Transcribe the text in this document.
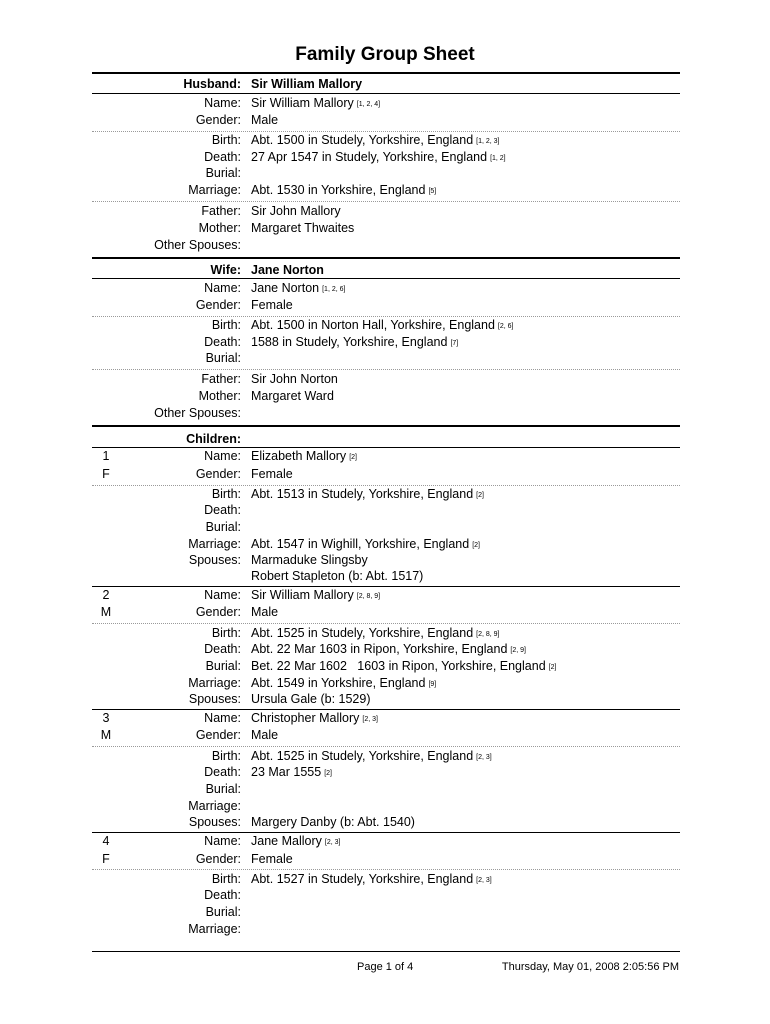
Family Group Sheet
Husband: Sir William Mallory
Name: Sir William Mallory [1, 2, 4]
Gender: Male
Birth: Abt. 1500 in Studely, Yorkshire, England [1, 2, 3]
Death: 27 Apr 1547 in Studely, Yorkshire, England [1, 2]
Burial:
Marriage: Abt. 1530 in Yorkshire, England [5]
Father: Sir John Mallory
Mother: Margaret Thwaites
Other Spouses:
Wife: Jane Norton
Name: Jane Norton [1, 2, 6]
Gender: Female
Birth: Abt. 1500 in Norton Hall, Yorkshire, England [2, 6]
Death: 1588 in Studely, Yorkshire, England [7]
Burial:
Father: Sir John Norton
Mother: Margaret Ward
Other Spouses:
Children:
1	Name: Elizabeth Mallory [2]
F	Gender: Female
Birth: Abt. 1513 in Studely, Yorkshire, England [2]
Death:
Burial:
Marriage: Abt. 1547 in Wighill, Yorkshire, England [2]
Spouses: Marmaduke Slingsby
Robert Stapleton (b: Abt. 1517)
2	Name: Sir William Mallory [2, 8, 9]
M	Gender: Male
Birth: Abt. 1525 in Studely, Yorkshire, England [2, 8, 9]
Death: Abt. 22 Mar 1603 in Ripon, Yorkshire, England [2, 9]
Burial: Bet. 22 Mar 1602   1603 in Ripon, Yorkshire, England [2]
Marriage: Abt. 1549 in Yorkshire, England [9]
Spouses: Ursula Gale (b: 1529)
3	Name: Christopher Mallory [2, 3]
M	Gender: Male
Birth: Abt. 1525 in Studely, Yorkshire, England [2, 3]
Death: 23 Mar 1555 [2]
Burial:
Marriage:
Spouses: Margery Danby (b: Abt. 1540)
4	Name: Jane Mallory [2, 3]
F	Gender: Female
Birth: Abt. 1527 in Studely, Yorkshire, England [2, 3]
Death:
Burial:
Marriage:
Page 1 of 4	Thursday, May 01, 2008 2:05:56 PM
